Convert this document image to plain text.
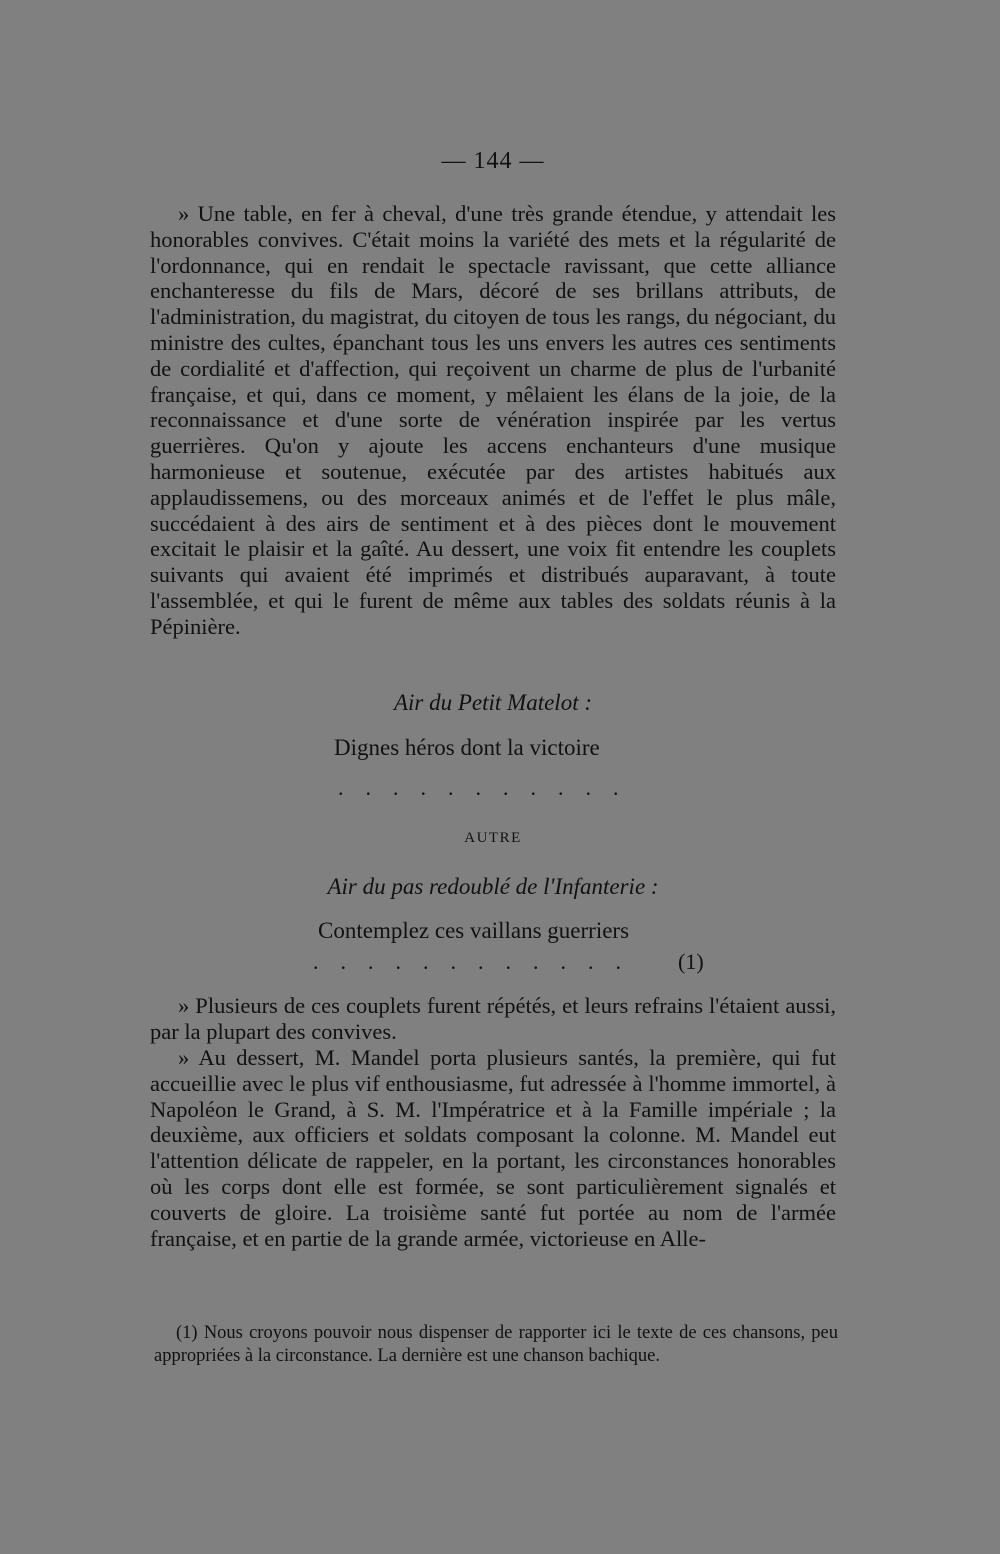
— 144 —

» Une table, en fer à cheval, d'une très grande étendue, y attendait les honorables convives. C'était moins la variété des mets et la régularité de l'ordonnance, qui en rendait le spectacle ravissant, que cette alliance enchanteresse du fils de Mars, décoré de ses brillans attributs, de l'administration, du magistrat, du citoyen de tous les rangs, du négociant, du ministre des cultes, épanchant tous les uns envers les autres ces sentiments de cordialité et d'affection, qui reçoivent un charme de plus de l'urbanité française, et qui, dans ce moment, y mêlaient les élans de la joie, de la reconnaissance et d'une sorte de vénération inspirée par les vertus guerrières. Qu'on y ajoute les accens enchanteurs d'une musique harmonieuse et soutenue, exécutée par des artistes habitués aux applaudissemens, ou des morceaux animés et de l'effet le plus mâle, succédaient à des airs de sentiment et à des pièces dont le mouvement excitait le plaisir et la gaîté. Au dessert, une voix fit entendre les couplets suivants qui avaient été imprimés et distribués auparavant, à toute l'assemblée, et qui le furent de même aux tables des soldats réunis à la Pépinière.

Air du Petit Matelot :
Dignes héros dont la victoire
...........
AUTRE
Air du pas redoublé de l'Infanterie :
Contemplez ces vaillans guerriers
............ (1)

» Plusieurs de ces couplets furent répétés, et leurs refrains l'étaient aussi, par la plupart des convives.

» Au dessert, M. Mandel porta plusieurs santés, la première, qui fut accueillie avec le plus vif enthousiasme, fut adressée à l'homme immortel, à Napoléon le Grand, à S. M. l'Impératrice et à la Famille impériale ; la deuxième, aux officiers et soldats composant la colonne. M. Mandel eut l'attention délicate de rappeler, en la portant, les circonstances honorables où les corps dont elle est formée, se sont particulièrement signalés et couverts de gloire. La troisième santé fut portée au nom de l'armée française, et en partie de la grande armée, victorieuse en Alle-

(1) Nous croyons pouvoir nous dispenser de rapporter ici le texte de ces chansons, peu appropriées à la circonstance. La dernière est une chanson bachique.
